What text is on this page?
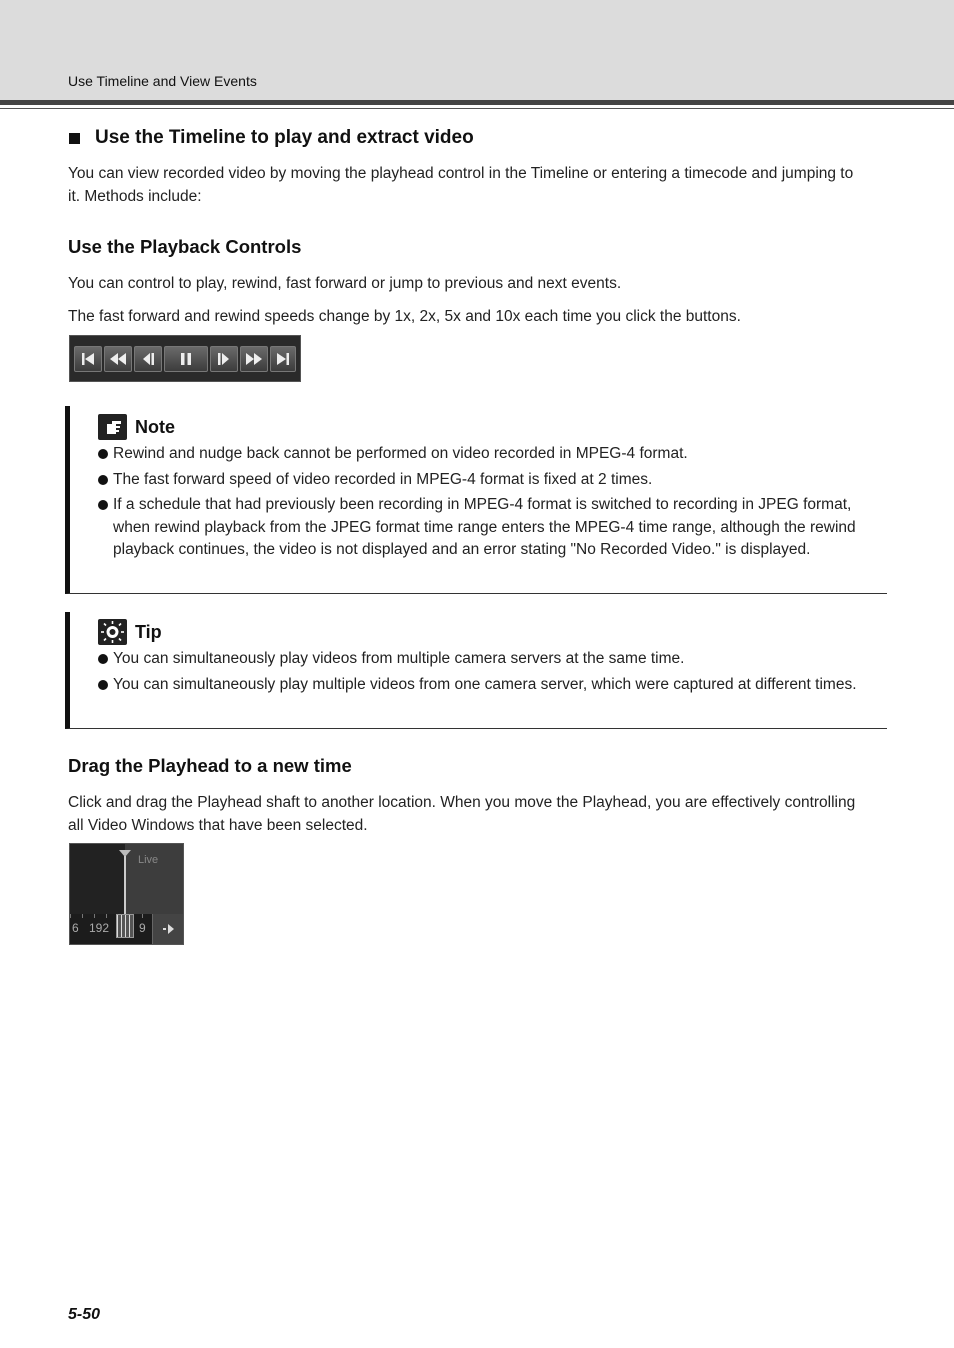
Use Timeline and View Events
Use the Timeline to play and extract video
You can view recorded video by moving the playhead control in the Timeline or entering a timecode and jumping to it. Methods include:
Use the Playback Controls
You can control to play, rewind, fast forward or jump to previous and next events.
The fast forward and rewind speeds change by 1x, 2x, 5x and 10x each time you click the buttons.
Note
Rewind and nudge back cannot be performed on video recorded in MPEG-4 format.
The fast forward speed of video recorded in MPEG-4 format is fixed at 2 times.
If a schedule that had previously been recording in MPEG-4 format is switched to recording in JPEG format, when rewind playback from the JPEG format time range enters the MPEG-4 time range, although the rewind playback continues, the video is not displayed and an error stating "No Recorded Video." is displayed.
Tip
You can simultaneously play videos from multiple camera servers at the same time.
You can simultaneously play multiple videos from one camera server, which were captured at different times.
Drag the Playhead to a new time
Click and drag the Playhead shaft to another location. When you move the Playhead, you are effectively controlling all Video Windows that have been selected.
Live
6 192 9
5-50
